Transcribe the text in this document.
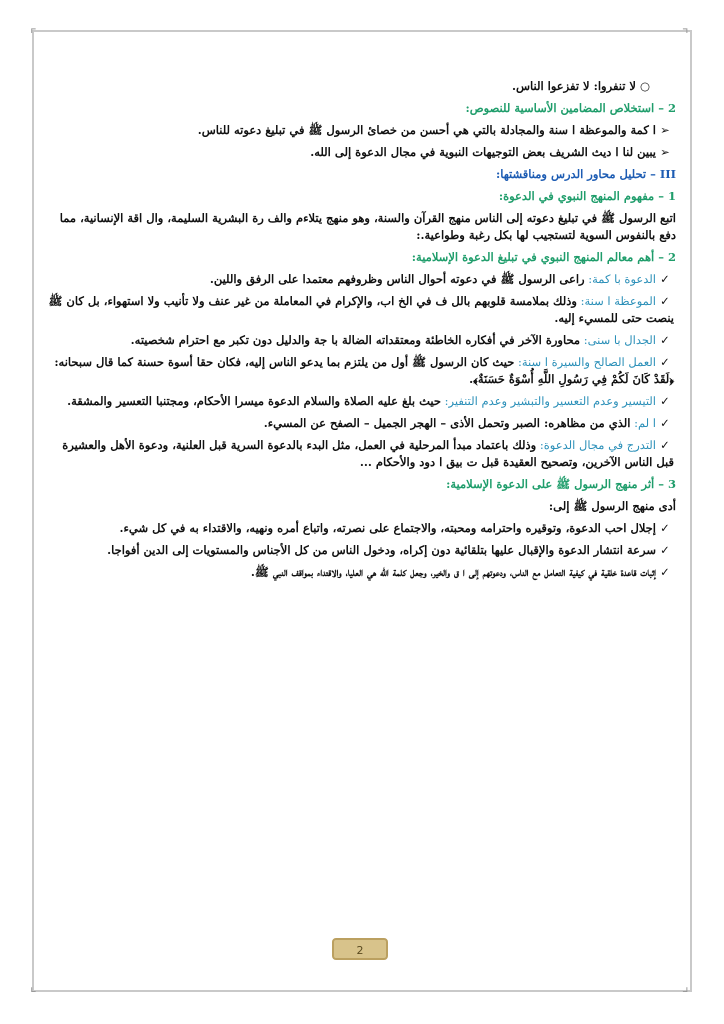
⌜	⌝
⌞	⌟

○لا تنفروا: لا تفزعوا الناس.

2 – استخلاص المضامين الأساسية للنصوص:

➢ا كمة والموعظة ا سنة والمجادلة بالتي هي أحسن من خصائ الرسول ﷺ في تبليغ دعوته للناس.

➢يبين لنا ا ديث الشريف بعض التوجيهات النبوية في مجال الدعوة إلى الله.

III – تحليل محاور الدرس ومناقشتها:

1 – مفهوم المنهج النبوي في الدعوة:

اتبع الرسول ﷺ في تبليغ دعوته إلى الناس منهج القرآن والسنة، وهو منهج يتلاءم والف رة البشرية السليمة، وال اقة الإنسانية، مما دفع بالنفوس السوية لتستجيب لها بكل رغبة وطواعية.:

2 – أهم معالم المنهج النبوي في تبليغ الدعوة الإسلامية:

✓الدعوة با كمة: راعى الرسول ﷺ في دعوته أحوال الناس وظروفهم معتمدا على الرفق واللين.

✓الموعظة ا سنة: وذلك بملامسة قلوبهم بالل ف في الخ اب، والإكرام في المعاملة من غير عنف ولا تأنيب ولا استهواء، بل كان ﷺ ينصت حتى للمسيء إليه.

✓الجدال با سنى: محاورة الآخر في أفكاره الخاطئة ومعتقداته الضالة با جة والدليل دون تكبر مع احترام شخصيته.

✓العمل الصالح والسيرة ا سنة: حيث كان الرسول ﷺ أول من يلتزم بما يدعو الناس إليه، فكان حقا أسوة حسنة كما قال سبحانه: ﴿لَقَدْ كَانَ لَكُمْ فِي رَسُولِ اللَّهِ أُسْوَةٌ حَسَنَةٌ﴾.

✓التيسير وعدم التعسير والتبشير وعدم التنفير: حيث بلغ عليه الصلاة والسلام الدعوة ميسرا الأحكام، ومجتنبا التعسير والمشقة.

✓ا لم: الذي من مظاهره: الصبر وتحمل الأذى – الهجر الجميل – الصفح عن المسيء.

✓التدرج في مجال الدعوة: وذلك باعتماد مبدأ المرحلية في العمل، مثل البدء بالدعوة السرية قبل العلنية، ودعوة الأهل والعشيرة قبل الناس الآخرين، وتصحيح العقيدة قبل ت بيق ا دود والأحكام ...

3 – أثر منهج الرسول ﷺ على الدعوة الإسلامية:

أدى منهج الرسول ﷺ إلى:

✓إجلال احب الدعوة، وتوقيره واحترامه ومحبته، والاجتماع على نصرته، واتباع أمره ونهيه، والاقتداء به في كل شيء.

✓سرعة انتشار الدعوة والإقبال عليها بتلقائية دون إكراه، ودخول الناس من كل الأجناس والمستويات إلى الدين أفواجا.

✓إثبات قاعدة خلقية في كيفية التعامل مع الناس، ودعوتهم إلى ا ق والخير، وجعل كلمة الله هي العليا، والاقتداء بمواقف النبي ﷺ.

2
